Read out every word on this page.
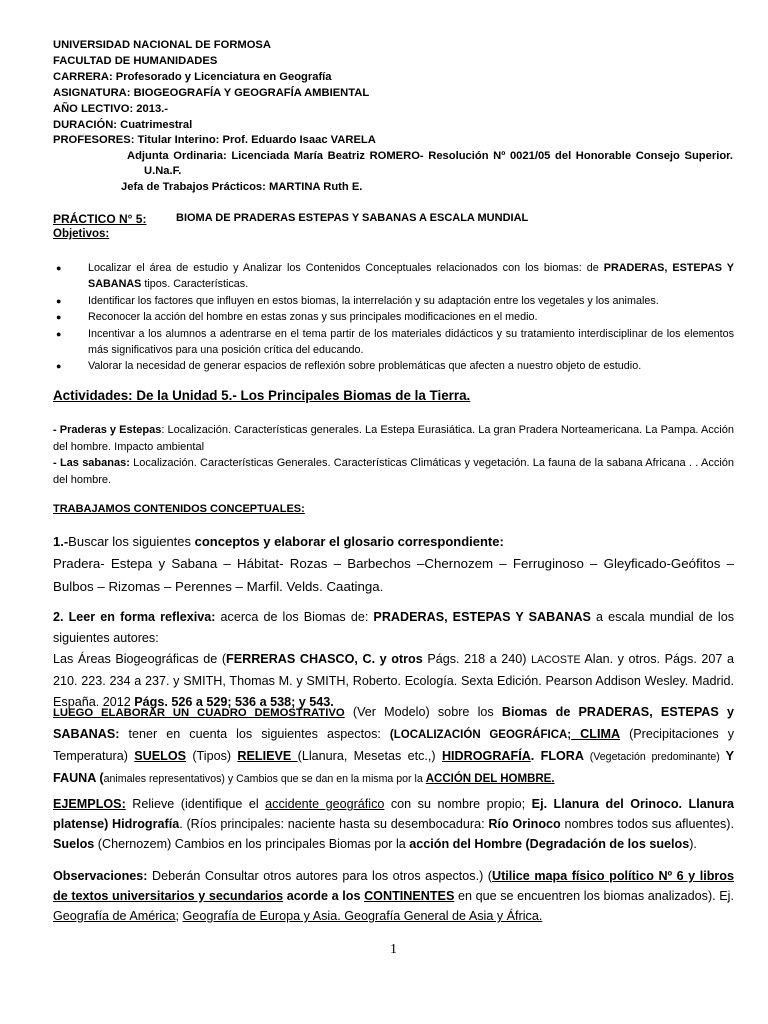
UNIVERSIDAD NACIONAL DE FORMOSA
FACULTAD DE HUMANIDADES
CARRERA: Profesorado y Licenciatura en Geografía
ASIGNATURA: BIOGEOGRAFÍA Y GEOGRAFÍA AMBIENTAL
AÑO LECTIVO: 2013.-
DURACIÓN: Cuatrimestral
PROFESORES: Titular Interino: Prof. Eduardo Isaac VARELA
Adjunta Ordinaria: Licenciada María Beatriz ROMERO- Resolución Nº 0021/05 del Honorable Consejo Superior.
U.Na.F.
Jefa de Trabajos Prácticos: MARTINA Ruth E.
PRÁCTICO N° 5:	BIOMA DE PRADERAS ESTEPAS Y SABANAS A ESCALA MUNDIAL
Objetivos:
● Localizar el área de estudio y Analizar los Contenidos Conceptuales relacionados con los biomas: de PRADERAS, ESTEPAS Y SABANAS tipos. Características.
● Identificar los factores que influyen en estos biomas, la interrelación y su adaptación entre los vegetales y los animales.
● Reconocer la acción del hombre en estas zonas y sus principales modificaciones en el medio.
● Incentivar a los alumnos a adentrarse en el tema partir de los materiales didácticos y su tratamiento interdisciplinar de los elementos más significativos para una posición crítica del educando.
● Valorar la necesidad de generar espacios de reflexión sobre problemáticas que afecten a nuestro objeto de estudio.
Actividades: De la Unidad 5.- Los Principales Biomas de la Tierra.
- Praderas y Estepas: Localización. Características generales. La Estepa Eurasiática. La gran Pradera Norteamericana. La Pampa. Acción del hombre. Impacto ambiental
- Las sabanas: Localización. Características Generales. Características Climáticas y vegetación. La fauna de la sabana Africana . . Acción del hombre.
TRABAJAMOS CONTENIDOS CONCEPTUALES:
1.-Buscar los siguientes conceptos y elaborar el glosario correspondiente:
Pradera- Estepa y Sabana – Hábitat- Rozas – Barbechos –Chernozem – Ferruginoso – Gleyficado-Geófitos – Bulbos – Rizomas – Perennes – Marfil. Velds. Caatinga.
2. Leer en forma reflexiva: acerca de los Biomas de: PRADERAS, ESTEPAS Y SABANAS a escala mundial de los siguientes autores:
Las Áreas Biogeográficas de (FERRERAS CHASCO, C. y otros Págs. 218 a 240) LACOSTE Alan. y otros. Págs. 207 a 210. 223. 234 a 237. y SMITH, Thomas M. y SMITH, Roberto. Ecología. Sexta Edición. Pearson Addison Wesley. Madrid. España. 2012 Págs. 526 a 529; 536 a 538; y 543.
LUEGO ELABORAR UN CUADRO DEMOSTRATIVO (Ver Modelo) sobre los Biomas de PRADERAS, ESTEPAS y SABANAS: tener en cuenta los siguientes aspectos: (LOCALIZACIÓN GEOGRÁFICA; CLIMA (Precipitaciones y Temperatura) SUELOS (Tipos) RELIEVE (Llanura, Mesetas etc.,) HIDROGRAFÍA. FLORA (Vegetación predominante) Y FAUNA (animales representativos) y Cambios que se dan en la misma por la ACCIÓN DEL HOMBRE.
EJEMPLOS: Relieve (identifique el accidente geográfico con su nombre propio; Ej. Llanura del Orinoco. Llanura platense) Hidrografía. (Ríos principales: naciente hasta su desembocadura: Río Orinoco nombres todos sus afluentes). Suelos (Chernozem) Cambios en los principales Biomas por la acción del Hombre (Degradación de los suelos).
Observaciones: Deberán Consultar otros autores para los otros aspectos.) (Utilice mapa físico político Nº 6 y libros de textos universitarios y secundarios acorde a los CONTINENTES en que se encuentren los biomas analizados). Ej. Geografía de América; Geografía de Europa y Asia. Geografía General de Asia y África.
1
